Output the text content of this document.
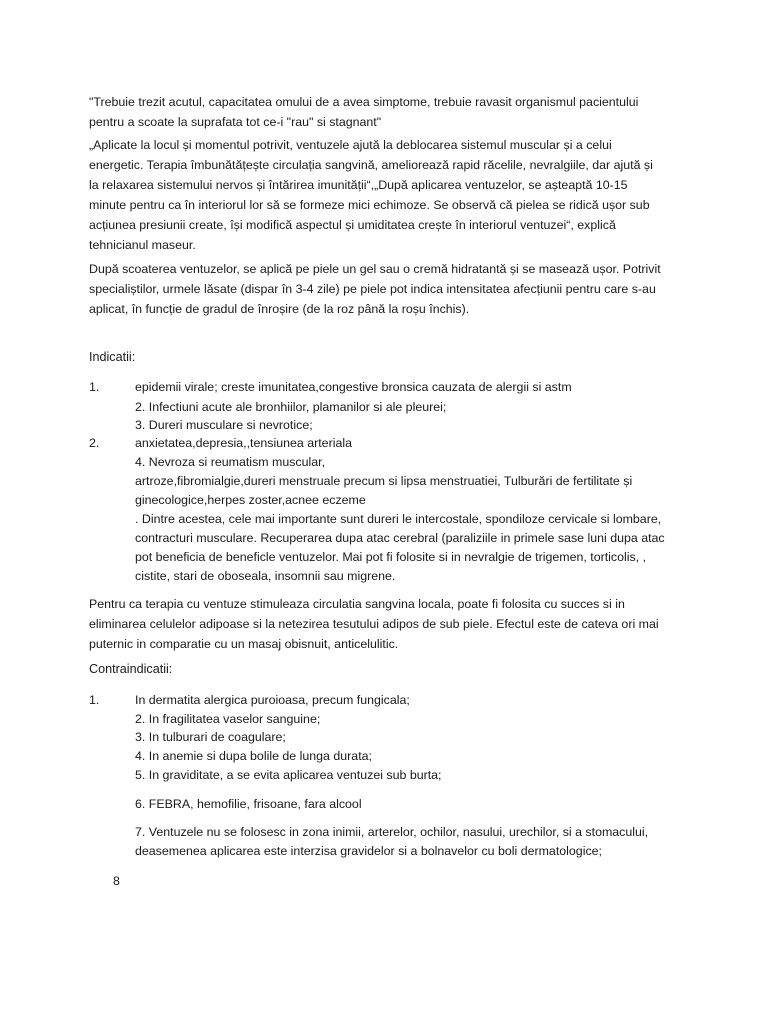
"Trebuie trezit acutul, capacitatea omului de a avea simptome, trebuie ravasit organismul pacientului
pentru a scoate la suprafata tot ce-i "rau" si stagnant"

„Aplicate la locul și momentul potrivit, ventuzele ajută la deblocarea sistemul muscular și a celui
energetic. Terapia îmbunătățește circulația sangvină, ameliorează rapid răcelile, nevralgiile, dar ajută și
la relaxarea sistemului nervos și întărirea imunității“,„După aplicarea ventuzelor, se așteaptă 10-15
minute pentru ca în interiorul lor să se formeze mici echimoze. Se observă că pielea se ridică ușor sub
acțiunea presiunii create, își modifică aspectul și umiditatea crește în interiorul ventuzei“, explică
tehnicianul maseur.

După scoaterea ventuzelor, se aplică pe piele un gel sau o cremă hidratantă și se masează ușor. Potrivit
specialiștilor, urmele lăsate (dispar în 3-4 zile) pe piele pot indica intensitatea afecțiunii pentru care s-au
aplicat, în funcție de gradul de înroșire (de la roz până la roșu închis).

Indicatii:

1.	epidemii virale; creste imunitatea,congestive bronsica cauzata de alergii si astm
2. Infectiuni acute ale bronhiilor, plamanilor si ale pleurei;
3. Dureri musculare si nevrotice;
2.	anxietatea,depresia,,tensiunea arteriala
4. Nevroza si reumatism muscular,
artroze,fibromialgie,dureri menstruale precum si lipsa menstruatiei, Tulburări de fertilitate și
ginecologice,herpes zoster,acnee eczeme
. Dintre acestea, cele mai importante sunt dureri le intercostale, spondiloze cervicale si lombare,
contracturi musculare. Recuperarea dupa atac cerebral (paraliziile in primele sase luni dupa atac
pot beneficia de beneficle ventuzelor. Mai pot fi folosite si in nevralgie de trigemen, torticolis, ,
cistite, stari de oboseala, insomnii sau migrene.

Pentru ca terapia cu ventuze stimuleaza circulatia sangvina locala, poate fi folosita cu succes si in
eliminarea celulelor adipoase si la netezirea tesutului adipos de sub piele. Efectul este de cateva ori mai
puternic in comparatie cu un masaj obisnuit, anticelulitic.

Contraindicatii:

1.	In dermatita alergica puroioasa, precum fungicala;
2. In fragilitatea vaselor sanguine;
3. In tulburari de coagulare;
4. In anemie si dupa bolile de lunga durata;
5. In graviditate, a se evita aplicarea ventuzei sub burta;
6. FEBRA, hemofilie, frisoane, fara alcool
7. Ventuzele nu se folosesc in zona inimii, arterelor, ochilor, nasului, urechilor, si a stomacului,
deasemenea aplicarea este interzisa gravidelor si a bolnavelor cu boli dermatologice;
8
